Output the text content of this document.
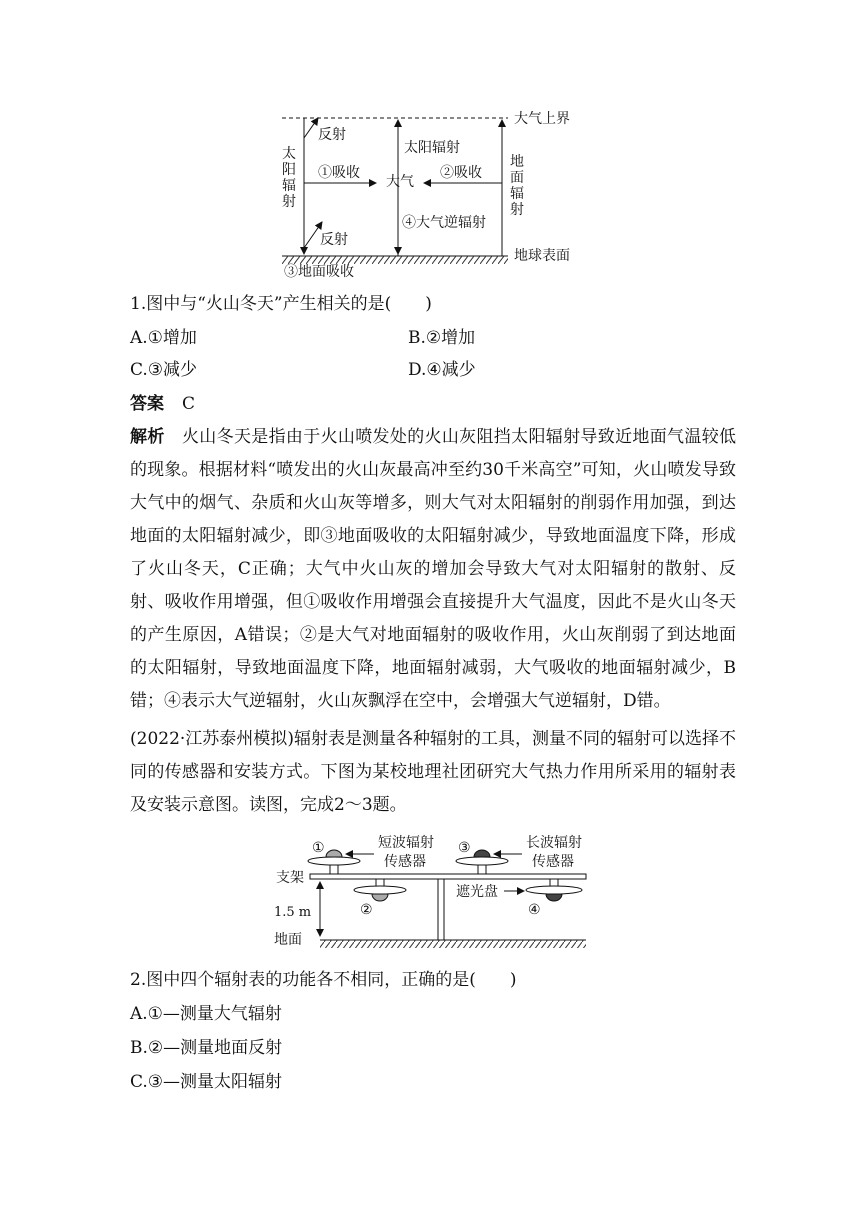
大气上界
地球表面
反射
反射
太阳辐射
①吸收	②吸收
大气
④大气逆辐射
③地面吸收
太阳辐射
地面辐射
1.图中与“火山冬天”产生相关的是(　　)
A.①增加	B.②增加
C.③减少	D.④减少
答案 C
解析　 火山冬天是指由于火山喷发处的火山灰阻挡太阳辐射导致近地面气温较低的现象。根据材料“喷发出的火山灰最高冲至约30千米高空”可知，火山喷发导致大气中的烟气、杂质和火山灰等增多，则大气对太阳辐射的削弱作用加强，到达地面的太阳辐射减少，即③地面吸收的太阳辐射减少，导致地面温度下降，形成了火山冬天，C正确；大气中火山灰的增加会导致大气对太阳辐射的散射、反射、吸收作用增强，但①吸收作用增强会直接提升大气温度，因此不是火山冬天的产生原因，A错误；②是大气对地面辐射的吸收作用，火山灰削弱了到达地面的太阳辐射，导致地面温度下降，地面辐射减弱，大气吸收的地面辐射减少，B错；④表示大气逆辐射，火山灰飘浮在空中，会增强大气逆辐射，D错。
(2022·江苏泰州模拟)辐射表是测量各种辐射的工具，测量不同的辐射可以选择不同的传感器和安装方式。下图为某校地理社团研究大气热力作用所采用的辐射表及安装示意图。读图，完成2～3题。
①
②
③
④
短波辐射
传感器
长波辐射
传感器
支架
1.5 m
地面
遮光盘
2.图中四个辐射表的功能各不相同，正确的是(　　)
A.①—测量大气辐射
B.②—测量地面反射
C.③—测量太阳辐射
